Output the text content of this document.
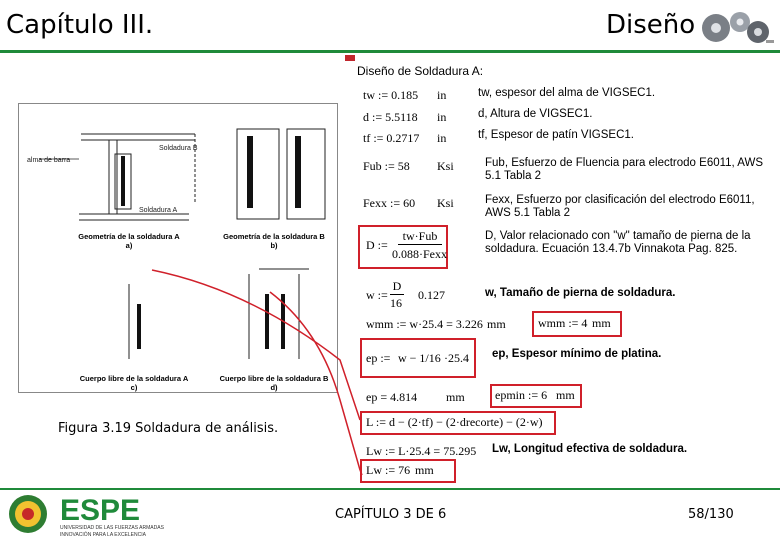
Capítulo III.	Diseño
Diseño de Soldadura A:
alma de barra
Soldadura B
Soldadura A
Geometría de la soldadura A
a)
Geometría de la soldadura B
b)
Cuerpo libre de la soldadura A
c)
Cuerpo libre de la soldadura B
d)
Figura 3.19 Soldadura de análisis.
tw := 0.185 in	tw, espesor del alma de VIGSEC1.
d := 5.5118 in	d, Altura de VIGSEC1.
tf := 0.2717 in	tf, Espesor de patín VIGSEC1.
Fub := 58 Ksi	Fub, Esfuerzo de Fluencia para electrodo E6011, AWS 5.1 Tabla 2
Fexx := 60 Ksi	Fexx, Esfuerzo por clasificación del electrodo E6011, AWS 5.1 Tabla 2
D :=
tw·Fub
0.088·Fexx
D, Valor relacionado con "w" tamaño de pierna de la soldadura. Ecuación 13.4.7b Vinnakota Pag. 825.
w :=
D
16
0.127	w, Tamaño de pierna de soldadura.
wmm := w·25.4 = 3.226 mm	wmm := 4 mm
ep := w − 1/16 ·25.4 ep, Espesor mínimo de platina.
ep = 4.814 mm	epmin := 6 mm
L := d − (2·tf) − (2·drecorte) − (2·w)
Lw := L·25.4 = 75.295 Lw, Longitud efectiva de soldadura.
Lw := 76 mm
ESPE
UNIVERSIDAD DE LAS FUERZAS ARMADAS
INNOVACIÓN PARA LA EXCELENCIA
CAPÍTULO 3 DE 6	58/130
